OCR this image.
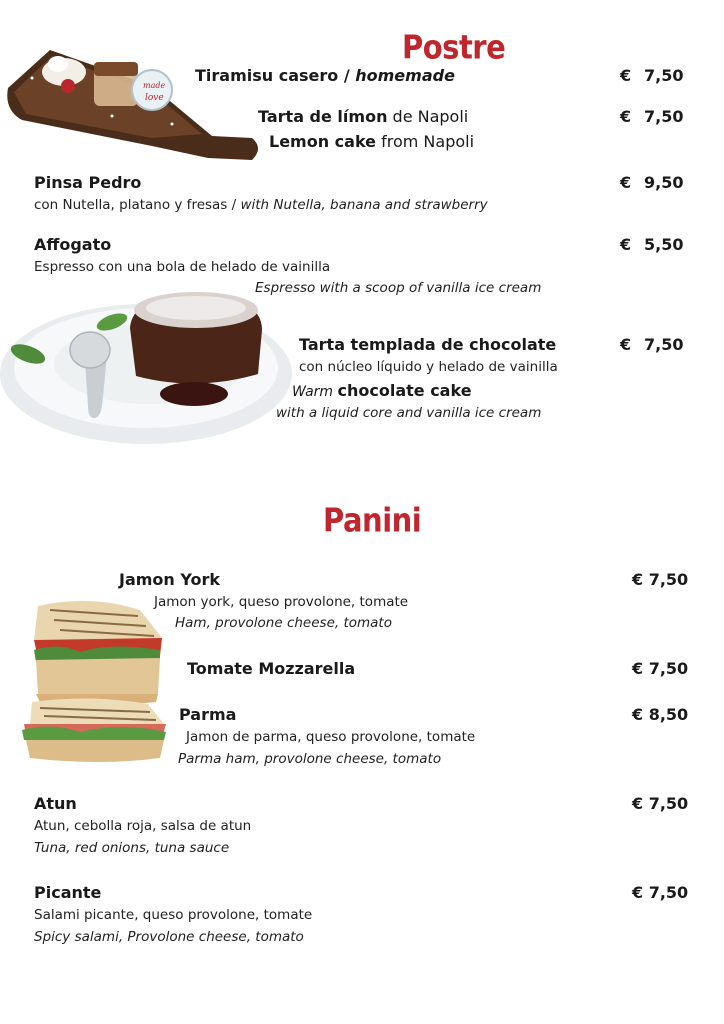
made
love
Postre
Tiramisu casero / homemade	€ 7,50
Tarta de límon de Napoli
Lemon cake from Napoli
€ 7,50
Pinsa Pedro
con Nutella, platano y fresas / with Nutella, banana and strawberry
€ 9,50
Affogato
Espresso con una bola de helado de vainilla
Espresso with a scoop of vanilla ice cream
€ 5,50
Tarta templada de chocolate
con núcleo líquido y helado de vainilla
Warm chocolate cake
with a liquid core and vanilla ice cream
€ 7,50
Panini
Jamon York
Jamon york, queso provolone, tomate
Ham, provolone cheese, tomato
€ 7,50
Tomate Mozzarella	€ 7,50
Parma
Jamon de parma, queso provolone, tomate
Parma ham, provolone cheese, tomato
€ 8,50
Atun
Atun, cebolla roja, salsa de atun
Tuna, red onions, tuna sauce
€ 7,50
Picante
Salami picante, queso provolone, tomate
Spicy salami, Provolone cheese, tomato
€ 7,50
